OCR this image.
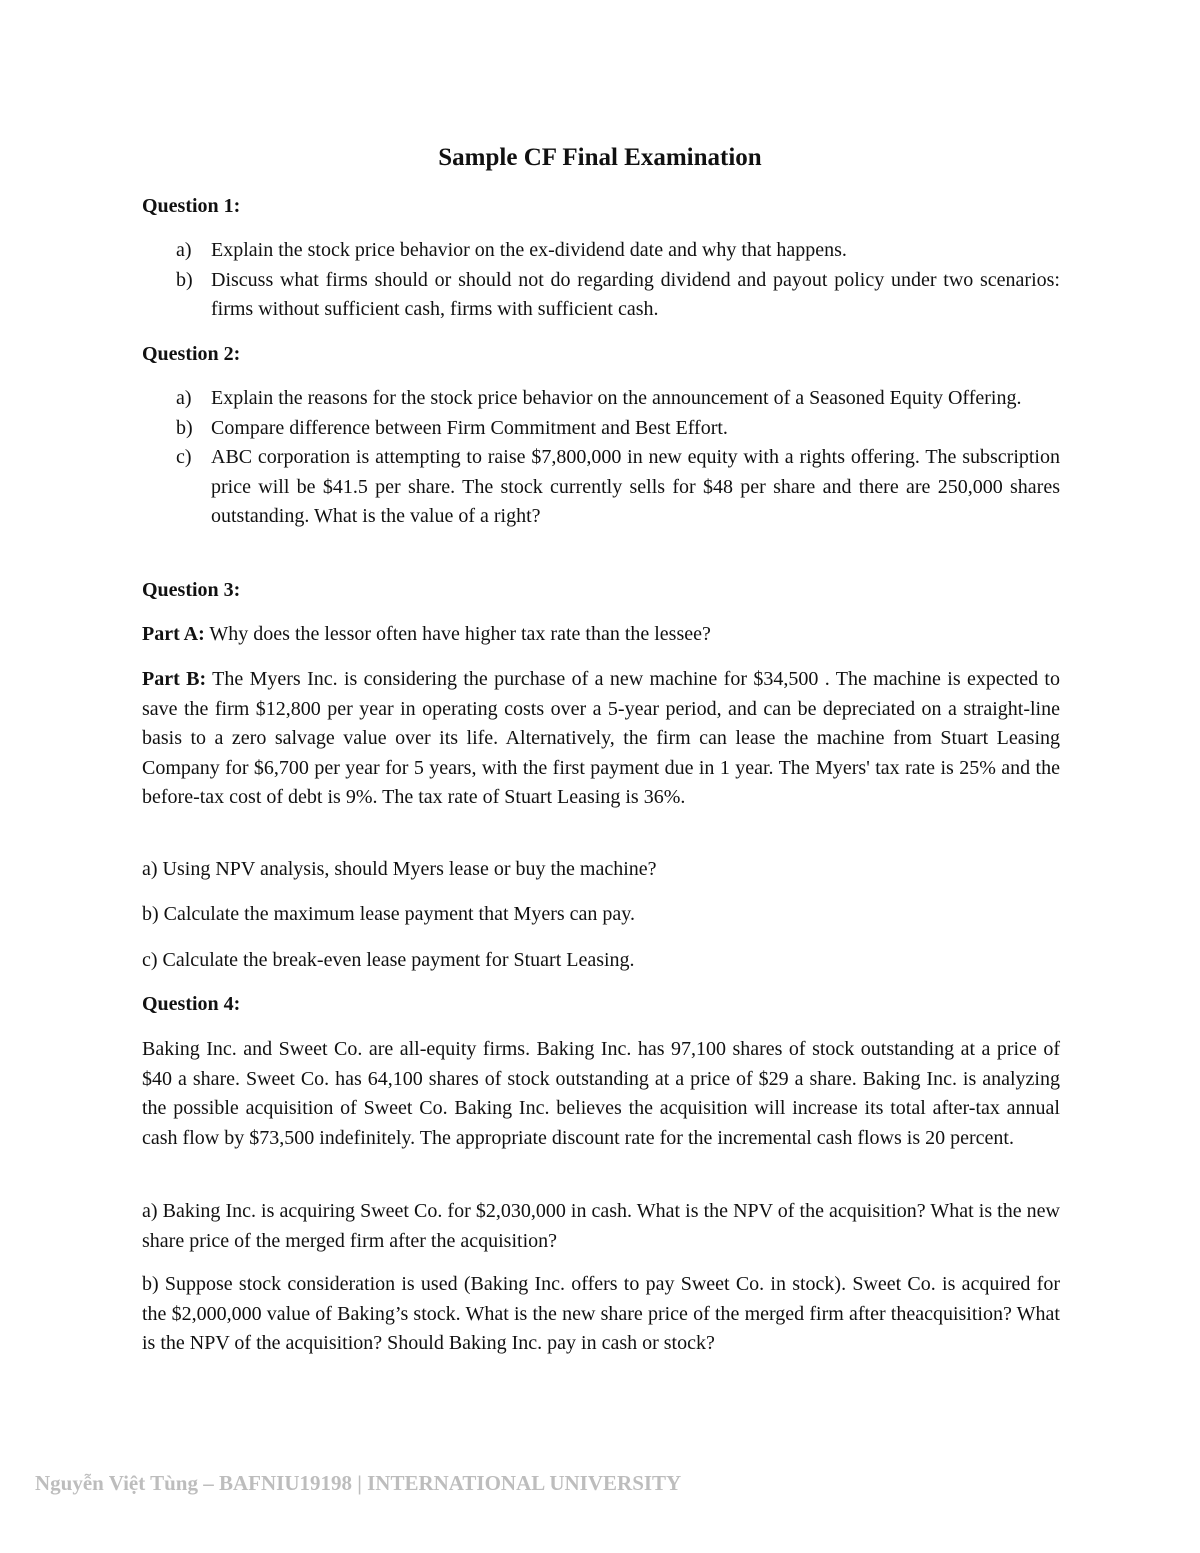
Sample CF Final Examination

Question 1:

a) Explain the stock price behavior on the ex-dividend date and why that happens.
b) Discuss what firms should or should not do regarding dividend and payout policy under two scenarios: firms without sufficient cash, firms with sufficient cash.

Question 2:

a) Explain the reasons for the stock price behavior on the announcement of a Seasoned Equity Offering.
b) Compare difference between Firm Commitment and Best Effort.
c) ABC corporation is attempting to raise $7,800,000 in new equity with a rights offering. The subscription price will be $41.5 per share. The stock currently sells for $48 per share and there are 250,000 shares outstanding. What is the value of a right?

Question 3:

Part A: Why does the lessor often have higher tax rate than the lessee?

Part B: The Myers Inc. is considering the purchase of a new machine for $34,500 . The machine is expected to save the firm $12,800 per year in operating costs over a 5-year period, and can be depreciated on a straight-line basis to a zero salvage value over its life. Alternatively, the firm can lease the machine from Stuart Leasing Company for $6,700 per year for 5 years, with the first payment due in 1 year. The Myers' tax rate is 25% and the before-tax cost of debt is 9%. The tax rate of Stuart Leasing is 36%.

a) Using NPV analysis, should Myers lease or buy the machine?

b) Calculate the maximum lease payment that Myers can pay.

c) Calculate the break-even lease payment for Stuart Leasing.

Question 4:

Baking Inc. and Sweet Co. are all-equity firms. Baking Inc. has 97,100 shares of stock outstanding at a price of $40 a share. Sweet Co. has 64,100 shares of stock outstanding at a price of $29 a share. Baking Inc. is analyzing the possible acquisition of Sweet Co. Baking Inc. believes the acquisition will increase its total after-tax annual cash flow by $73,500 indefinitely. The appropriate discount rate for the incremental cash flows is 20 percent.

a) Baking Inc. is acquiring Sweet Co. for $2,030,000 in cash. What is the NPV of the acquisition? What is the new share price of the merged firm after the acquisition?

b) Suppose stock consideration is used (Baking Inc. offers to pay Sweet Co. in stock). Sweet Co. is acquired for the $2,000,000 value of Baking’s stock. What is the new share price of the merged firm after theacquisition? What is the NPV of the acquisition? Should Baking Inc. pay in cash or stock?

Nguyễn Việt Tùng – BAFNIU19198 | INTERNATIONAL UNIVERSITY
